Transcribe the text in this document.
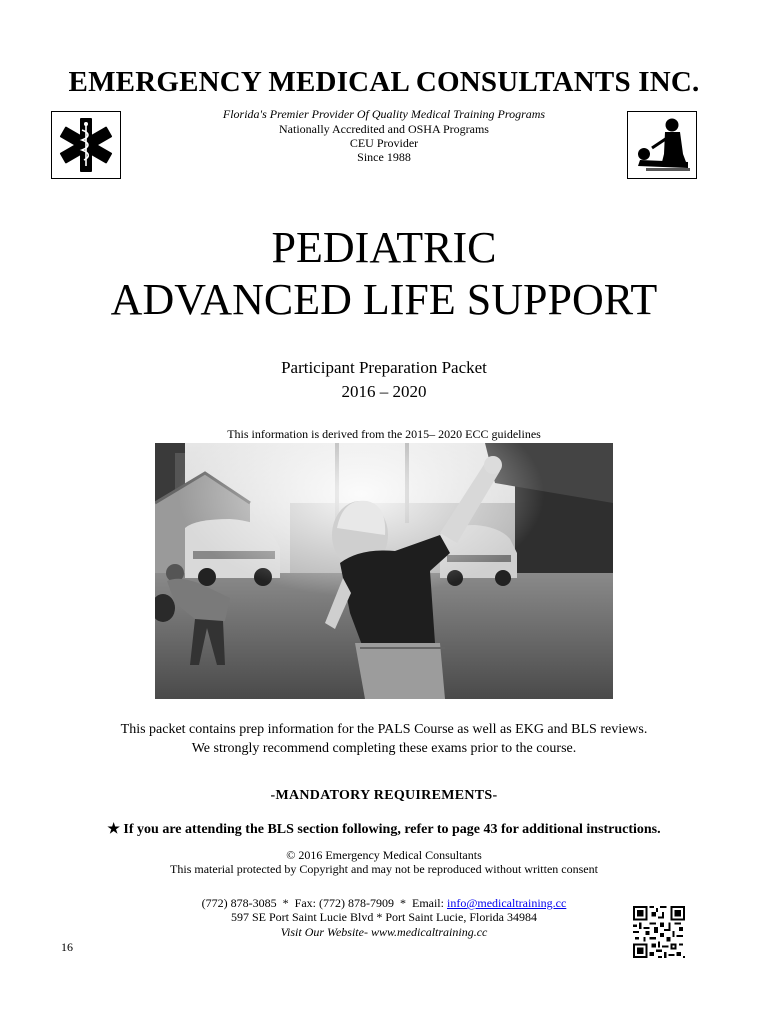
EMERGENCY MEDICAL CONSULTANTS INC.
Florida's Premier Provider Of Quality Medical Training Programs
Nationally Accredited and OSHA Programs
CEU Provider
Since 1988
PEDIATRIC
ADVANCED LIFE SUPPORT
Participant Preparation Packet
2016 – 2020
This information is derived from the 2015– 2020 ECC guidelines
This packet contains prep information for the PALS Course as well as EKG and BLS reviews.
We strongly recommend completing these exams prior to the course.
-MANDATORY REQUIREMENTS-
★ If you are attending the BLS section following, refer to page 43 for additional instructions.
© 2016 Emergency Medical Consultants
This material protected by Copyright and may not be reproduced without written consent
(772) 878-3085  *  Fax: (772) 878-7909  *  Email: info@medicaltraining.cc
597 SE Port Saint Lucie Blvd * Port Saint Lucie, Florida 34984
Visit Our Website- www.medicaltraining.cc
16
